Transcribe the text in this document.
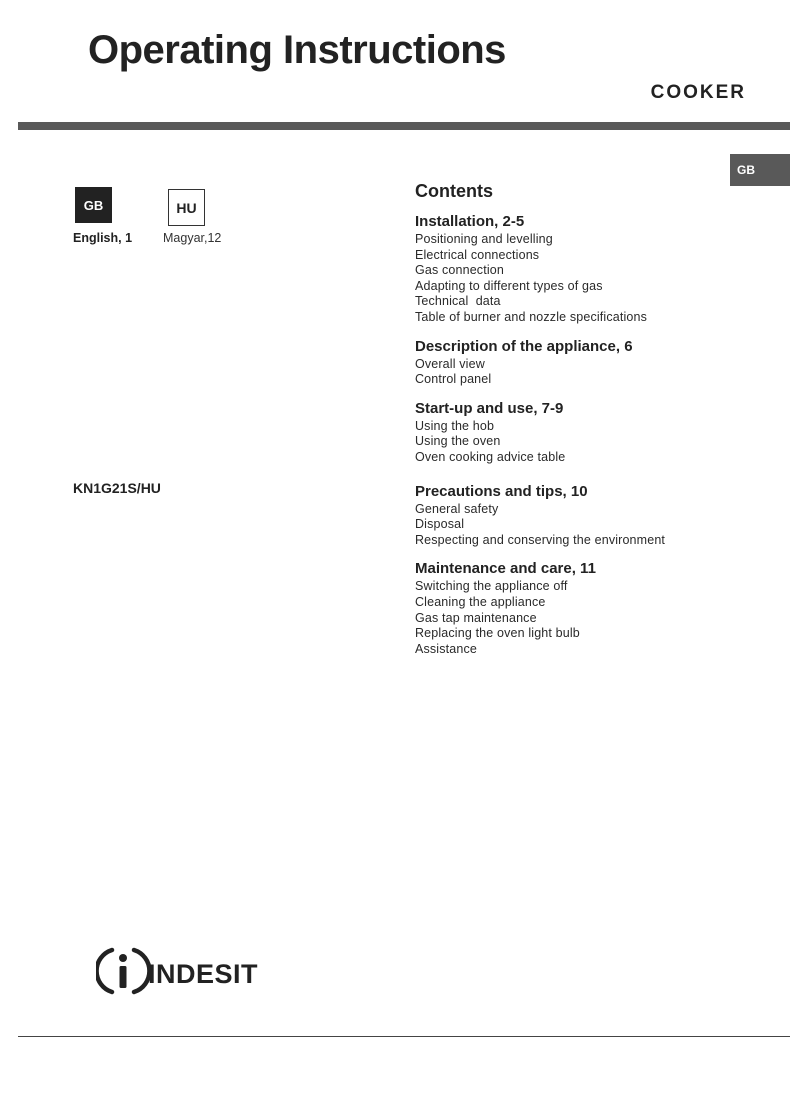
Operating Instructions
COOKER
GB
GB	HU
English, 1 Magyar,12
KN1G21S/HU
Contents
Installation, 2-5
Positioning and levelling
Electrical connections
Gas connection
Adapting to different types of gas
Technical  data
Table of burner and nozzle specifications
Description of the appliance, 6
Overall view
Control panel
Start-up and use, 7-9
Using the hob
Using the oven
Oven cooking advice table
Precautions and tips, 10
General safety
Disposal
Respecting and conserving the environment
Maintenance and care, 11
Switching the appliance off
Cleaning the appliance
Gas tap maintenance
Replacing the oven light bulb
Assistance
INDESIT
